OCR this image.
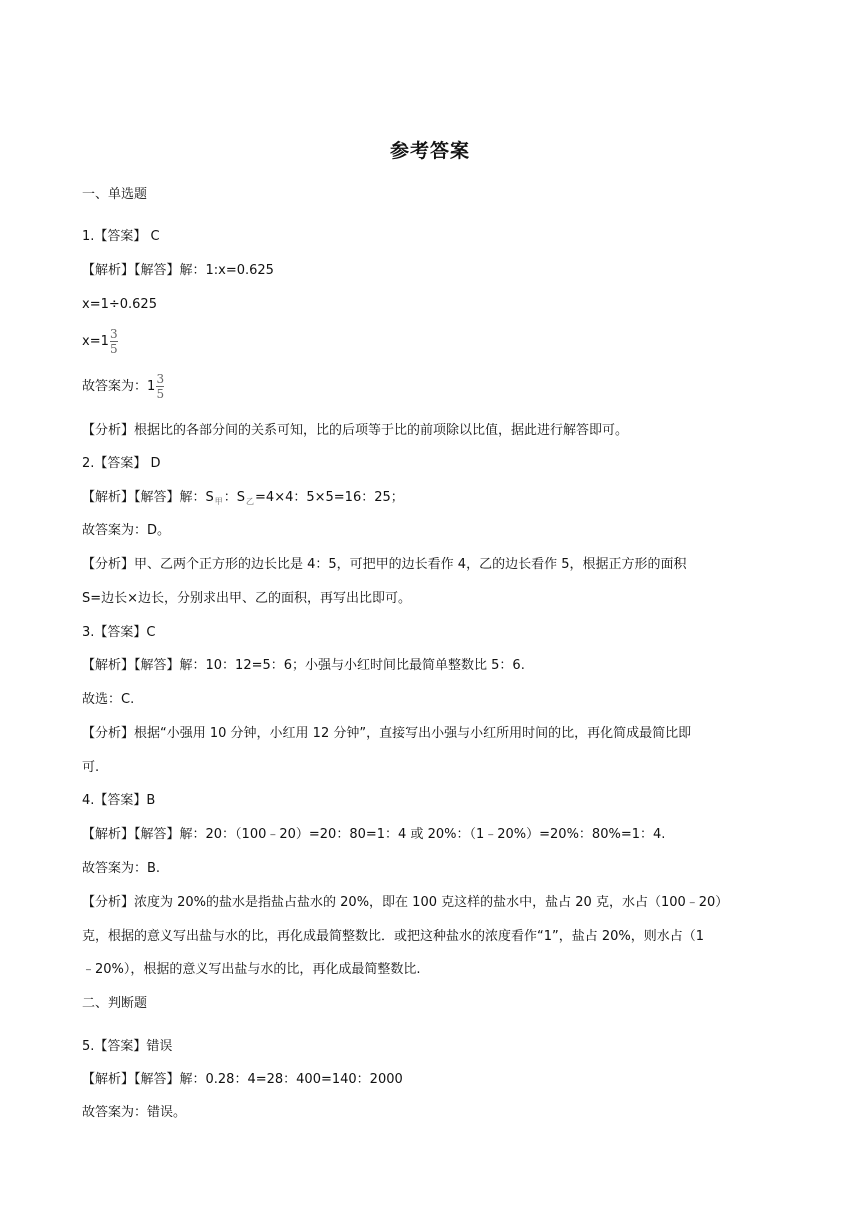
参考答案
一、单选题
1.【答案】 C
【解析】【解答】解：1:x=0.625
x=1÷0.625
$x=1 \frac{3}{5}$
故答案为：$1 \frac{3}{5}$
【分析】根据比的各部分间的关系可知，比的后项等于比的前项除以比值，据此进行解答即可。
2.【答案】 D
【解析】【解答】解：$S_甲$：$S_乙=4\times 4$：5×5=16：25；
故答案为：D。
【分析】甲、乙两个正方形的边长比是 4：5，可把甲的边长看作 4，乙的边长看作 5，根据正方形的面积
S=边长×边长，分别求出甲、乙的面积，再写出比即可。
3.【答案】C
【解析】【解答】解：10：12=5：6；小强与小红时间比最简单整数比 5：6.
故选：C.
【分析】根据“小强用 10 分钟，小红用 12 分钟”，直接写出小强与小红所用时间的比，再化简成最简比即
可.
4.【答案】B
【解析】【解答】解：20：（100﹣20）=20：80=1：4 或 20%：（1﹣20%）=20%：80%=1：4.
故答案为：B.
【分析】浓度为 20%的盐水是指盐占盐水的 20%，即在 100 克这样的盐水中，盐占 20 克，水占（100﹣20）
克，根据的意义写出盐与水的比，再化成最简整数比．或把这种盐水的浓度看作“1”，盐占 20%，则水占（1
﹣20%），根据的意义写出盐与水的比，再化成最简整数比.
二、判断题
5.【答案】错误
【解析】【解答】解：0.28：4=28：400=140：2000
故答案为：错误。
